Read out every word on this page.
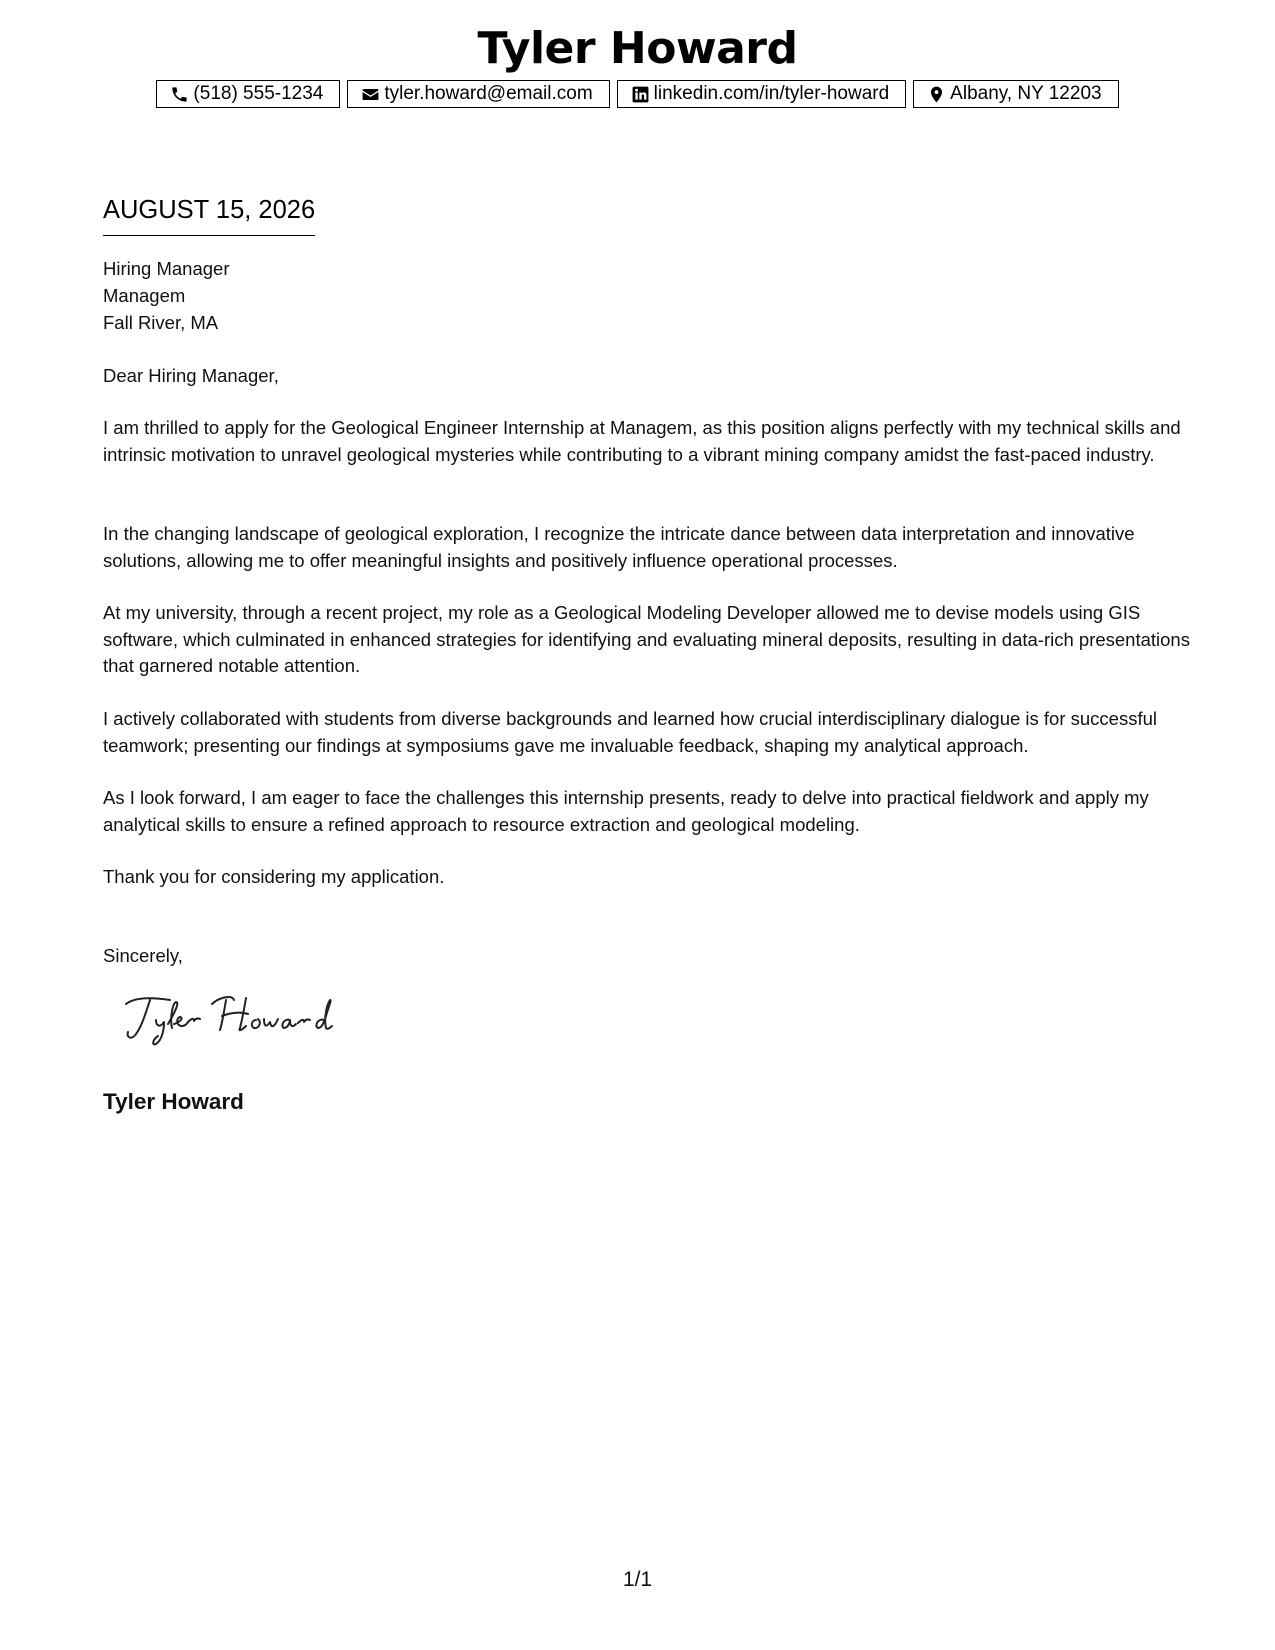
Tyler Howard
(518) 555-1234	tyler.howard@email.com	linkedin.com/in/tyler-howard	Albany, NY 12203
AUGUST 15, 2026
Hiring Manager
Managem
Fall River, MA

Dear Hiring Manager,

I am thrilled to apply for the Geological Engineer Internship at Managem, as this position aligns perfectly with my technical skills and intrinsic motivation to unravel geological mysteries while contributing to a vibrant mining company amidst the fast-paced industry.

In the changing landscape of geological exploration, I recognize the intricate dance between data interpretation and innovative solutions, allowing me to offer meaningful insights and positively influence operational processes.

At my university, through a recent project, my role as a Geological Modeling Developer allowed me to devise models using GIS software, which culminated in enhanced strategies for identifying and evaluating mineral deposits, resulting in data-rich presentations that garnered notable attention.

I actively collaborated with students from diverse backgrounds and learned how crucial interdisciplinary dialogue is for successful teamwork; presenting our findings at symposiums gave me invaluable feedback, shaping my analytical approach.

As I look forward, I am eager to face the challenges this internship presents, ready to delve into practical fieldwork and apply my analytical skills to ensure a refined approach to resource extraction and geological modeling.

Thank you for considering my application.

Sincerely,

Tyler Howard
1/1
